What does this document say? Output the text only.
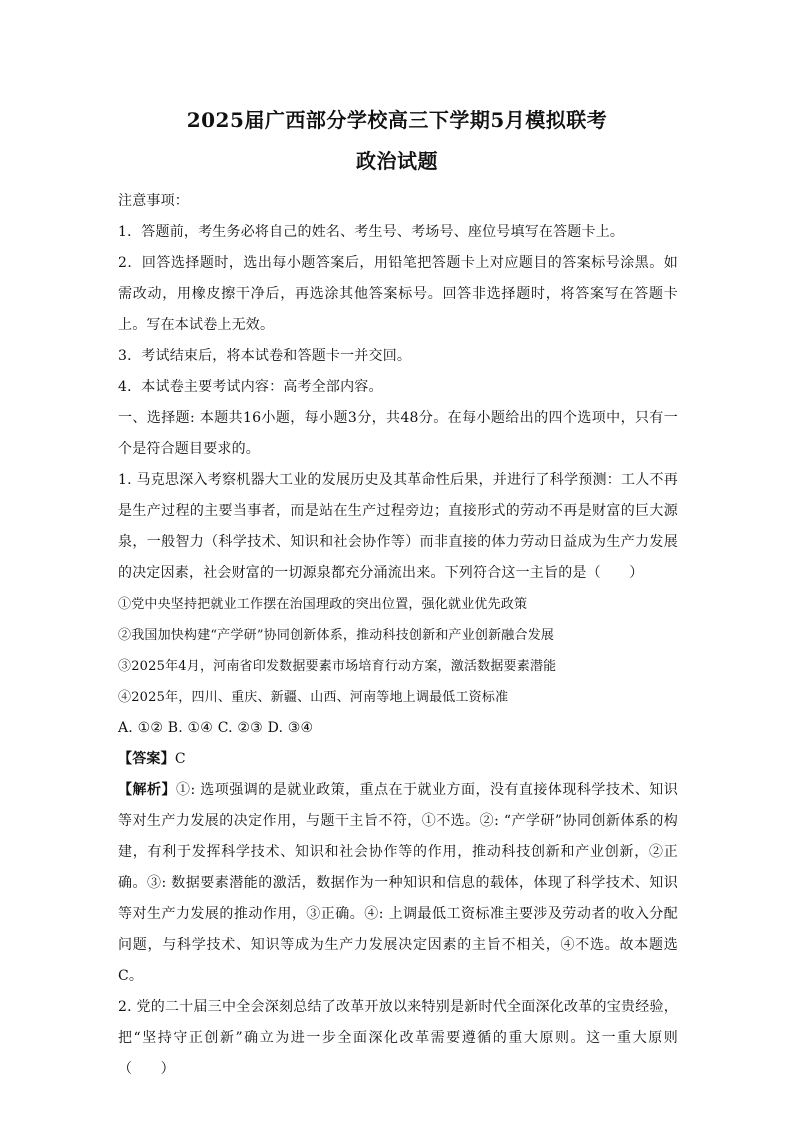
2025届广西部分学校高三下学期5月模拟联考
政治试题

注意事项：

1．答题前，考生务必将自己的姓名、考生号、考场号、座位号填写在答题卡上。

2．回答选择题时，选出每小题答案后，用铅笔把答题卡上对应题目的答案标号涂黑。如需改动，用橡皮擦干净后，再选涂其他答案标号。回答非选择题时，将答案写在答题卡上。写在本试卷上无效。

3．考试结束后，将本试卷和答题卡一并交回。

4．本试卷主要考试内容：高考全部内容。

一、选择题: 本题共16小题，每小题3分，共48分。在每小题给出的四个选项中，只有一个是符合题目要求的。

1. 马克思深入考察机器大工业的发展历史及其革命性后果，并进行了科学预测：工人不再是生产过程的主要当事者，而是站在生产过程旁边；直接形式的劳动不再是财富的巨大源泉，一般智力（科学技术、知识和社会协作等）而非直接的体力劳动日益成为生产力发展的决定因素，社会财富的一切源泉都充分涌流出来。下列符合这一主旨的是（　　）

①党中央坚持把就业工作摆在治国理政的突出位置，强化就业优先政策

②我国加快构建“产学研”协同创新体系，推动科技创新和产业创新融合发展

③2025年4月，河南省印发数据要素市场培育行动方案，激活数据要素潜能

④2025年，四川、重庆、新疆、山西、河南等地上调最低工资标准

A. ①② B. ①④ C. ②③ D. ③④

【答案】C

【解析】①: 选项强调的是就业政策，重点在于就业方面，没有直接体现科学技术、知识等对生产力发展的决定作用，与题干主旨不符，①不选。②: “产学研”协同创新体系的构建，有利于发挥科学技术、知识和社会协作等的作用，推动科技创新和产业创新，②正确。③: 数据要素潜能的激活，数据作为一种知识和信息的载体，体现了科学技术、知识等对生产力发展的推动作用，③正确。④: 上调最低工资标准主要涉及劳动者的收入分配问题，与科学技术、知识等成为生产力发展决定因素的主旨不相关，④不选。故本题选C。

2. 党的二十届三中全会深刻总结了改革开放以来特别是新时代全面深化改革的宝贵经验，把“坚持守正创新”确立为进一步全面深化改革需要遵循的重大原则。这一重大原则（　　）
